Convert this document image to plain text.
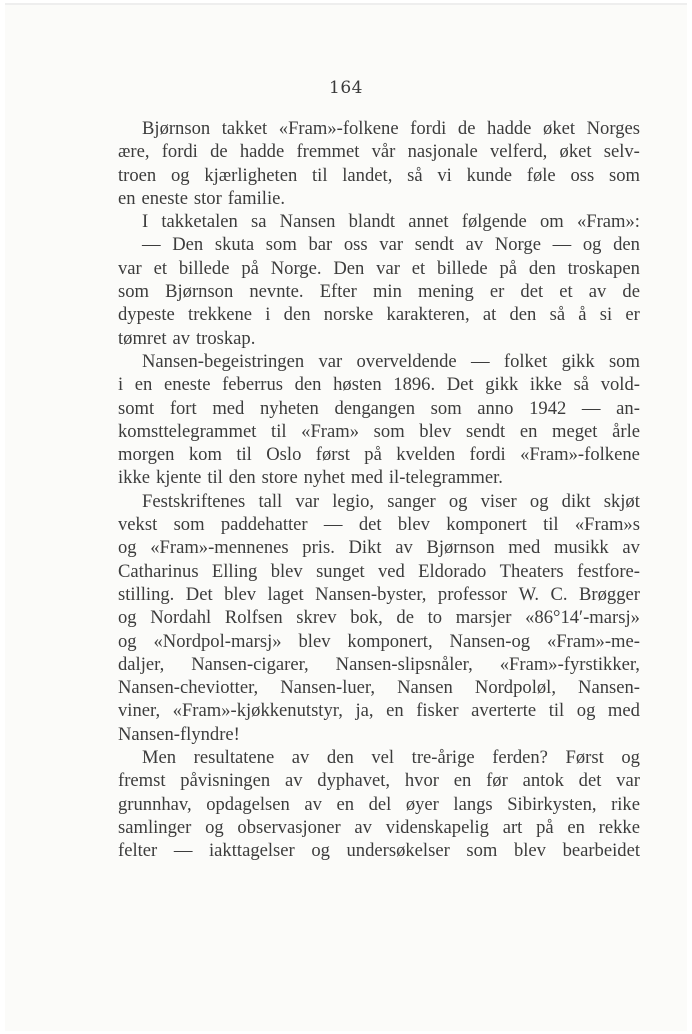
164
Bjørnson takket «Fram»-folkene fordi de hadde øket Norges
ære, fordi de hadde fremmet vår nasjonale velferd, øket selv-
troen og kjærligheten til landet, så vi kunde føle oss som
en eneste stor familie.
I takketalen sa Nansen blandt annet følgende om «Fram»:
— Den skuta som bar oss var sendt av Norge — og den
var et billede på Norge. Den var et billede på den troskapen
som Bjørnson nevnte. Efter min mening er det et av de
dypeste trekkene i den norske karakteren, at den så å si er
tømret av troskap.
Nansen-begeistringen var overveldende — folket gikk som
i en eneste feberrus den høsten 1896. Det gikk ikke så vold-
somt fort med nyheten dengangen som anno 1942 — an-
komsttelegrammet til «Fram» som blev sendt en meget årle
morgen kom til Oslo først på kvelden fordi «Fram»-folkene
ikke kjente til den store nyhet med il-telegrammer.
Festskriftenes tall var legio, sanger og viser og dikt skjøt
vekst som paddehatter — det blev komponert til «Fram»s
og «Fram»-mennenes pris. Dikt av Bjørnson med musikk av
Catharinus Elling blev sunget ved Eldorado Theaters festfore-
stilling. Det blev laget Nansen-byster, professor W. C. Brøgger
og Nordahl Rolfsen skrev bok, de to marsjer «86°14′-marsj»
og «Nordpol-marsj» blev komponert, Nansen-og «Fram»-me-
daljer, Nansen-cigarer, Nansen-slipsnåler, «Fram»-fyrstikker,
Nansen-cheviotter, Nansen-luer, Nansen Nordpoløl, Nansen-
viner, «Fram»-kjøkkenutstyr, ja, en fisker averterte til og med
Nansen-flyndre!
Men resultatene av den vel tre-årige ferden? Først og
fremst påvisningen av dyphavet, hvor en før antok det var
grunnhav, opdagelsen av en del øyer langs Sibirkysten, rike
samlinger og observasjoner av videnskapelig art på en rekke
felter — iakttagelser og undersøkelser som blev bearbeidet
